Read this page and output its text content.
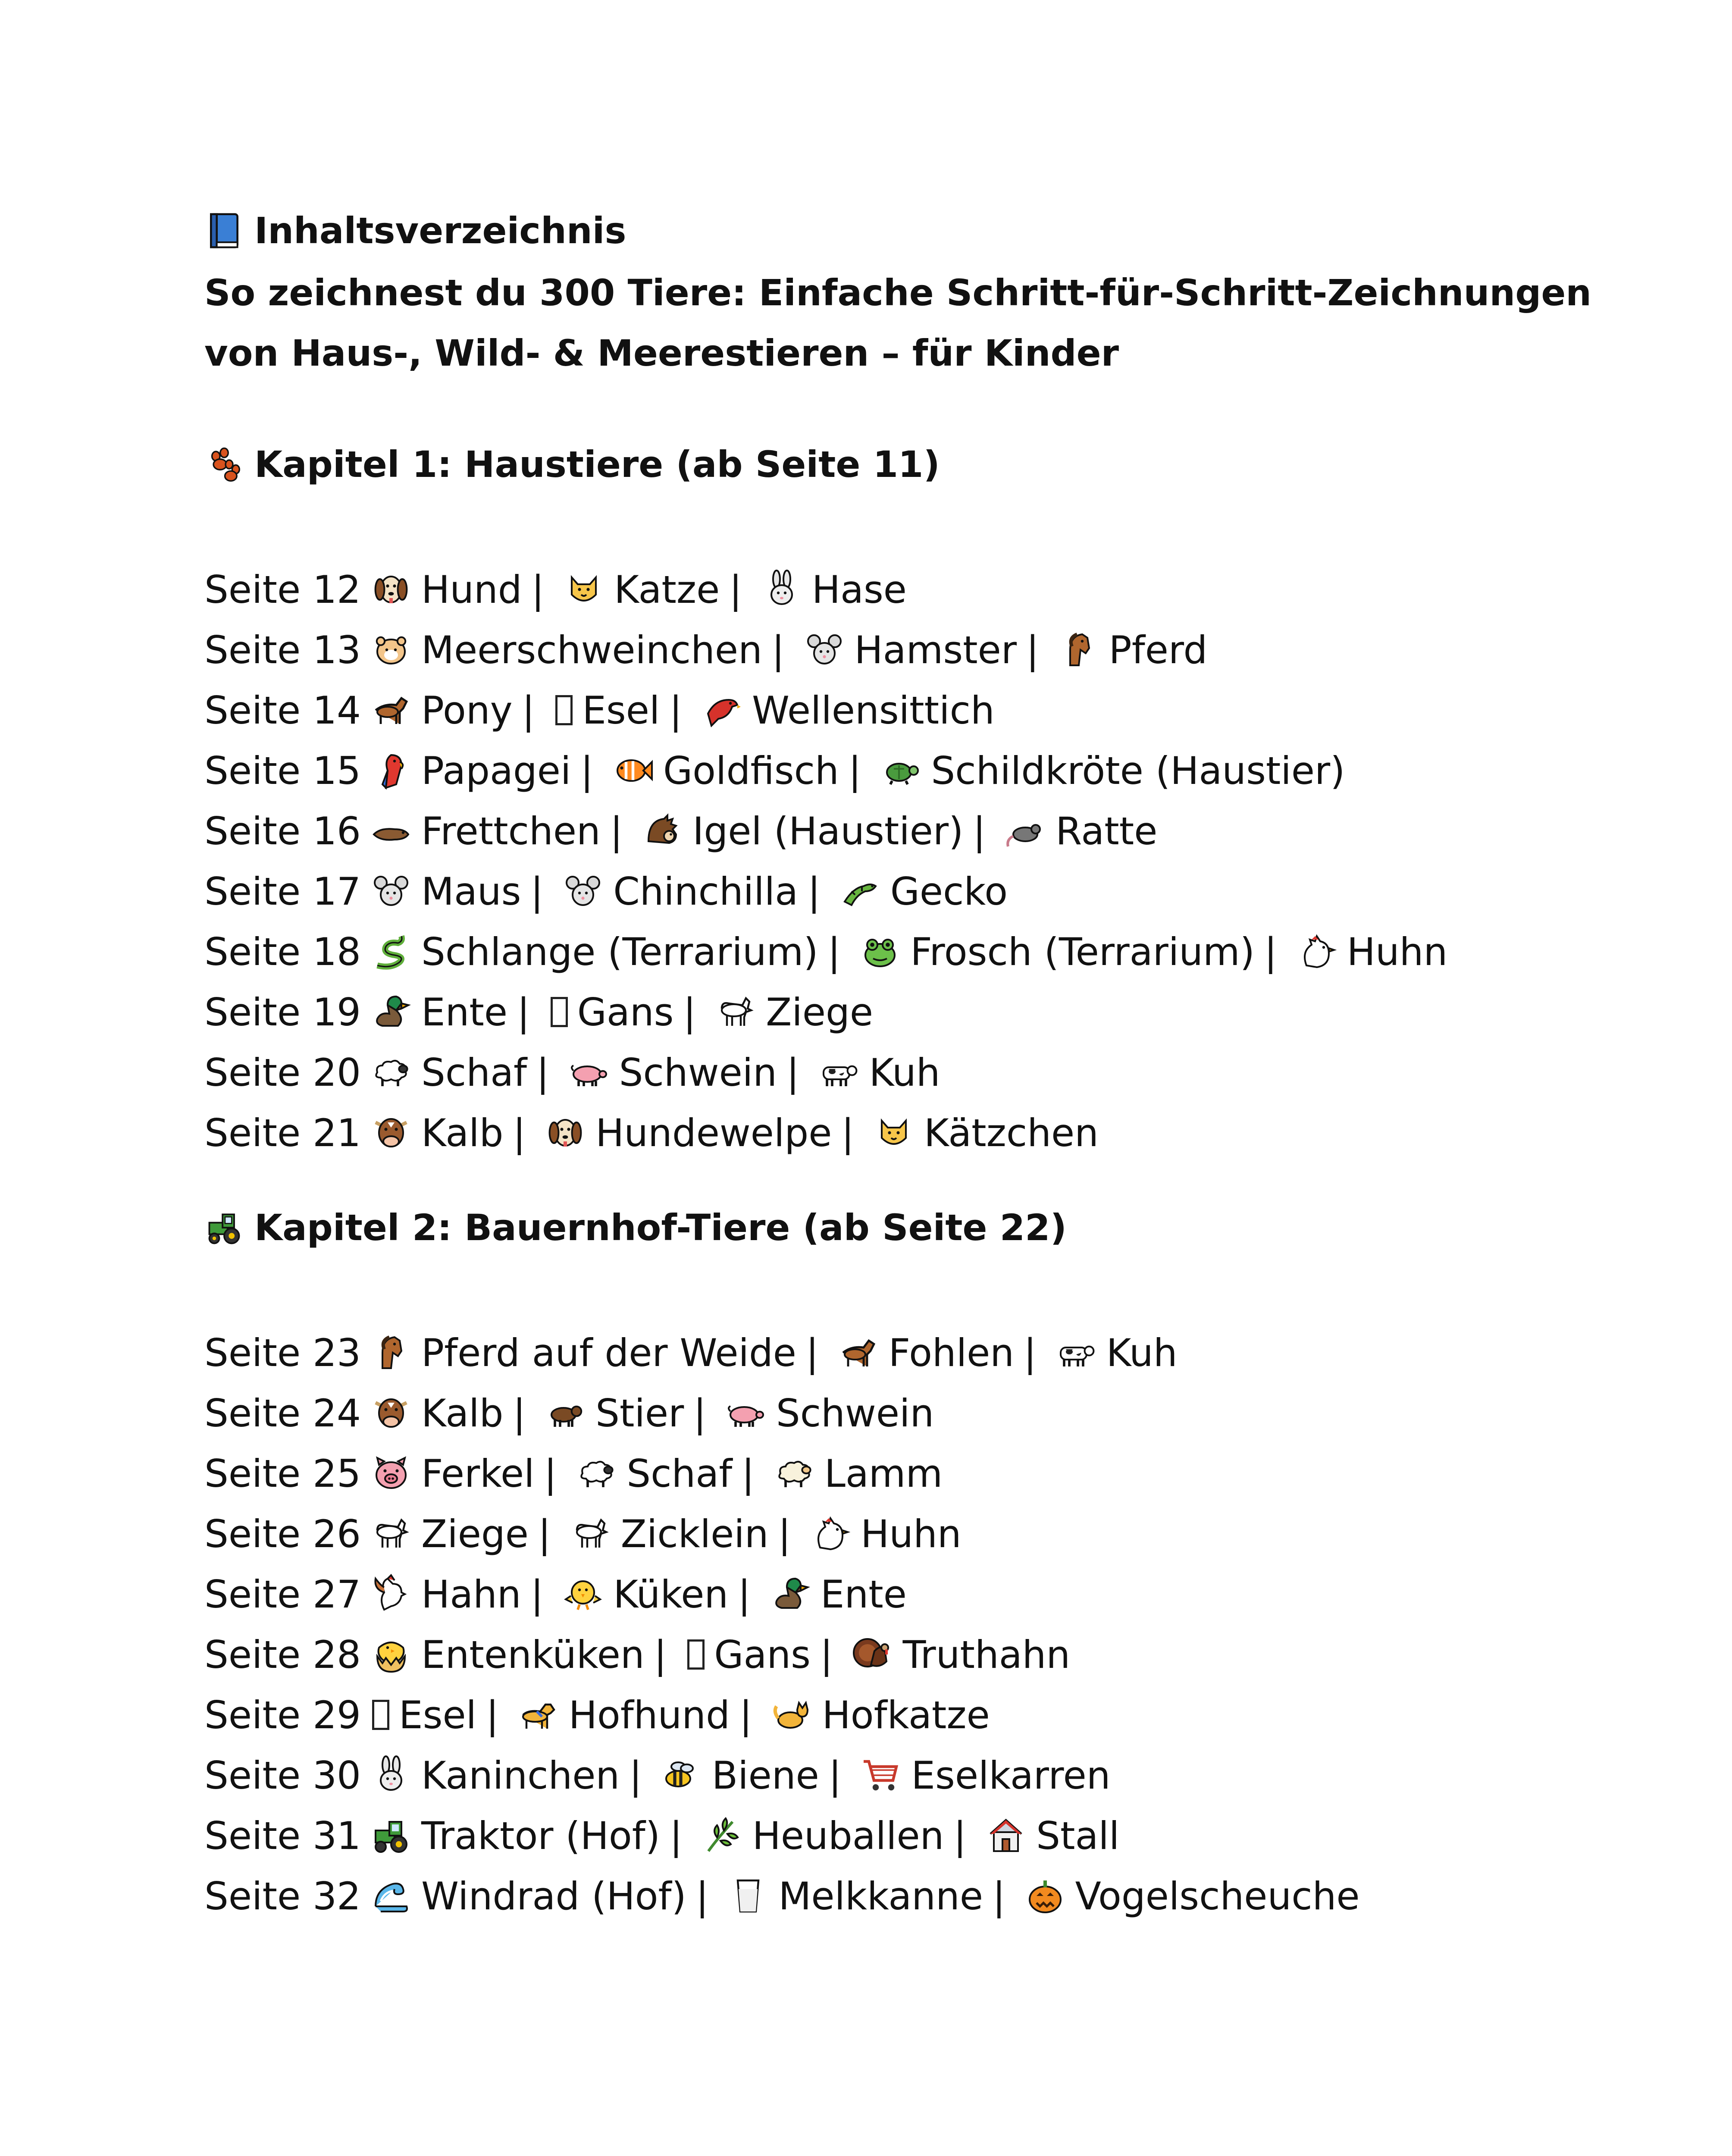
Inhaltsverzeichnis
So zeichnest du 300 Tiere: Einfache Schritt-für-Schritt-Zeichnungen
von Haus-, Wild- & Meerestieren – für Kinder
Kapitel 1: Haustiere (ab Seite 11)
Seite 12 Hund | Katze | Hase
Seite 13 Meerschweinchen | Hamster | Pferd
Seite 14 Pony | Esel | Wellensittich
Seite 15 Papagei | Goldfisch | Schildkröte (Haustier)
Seite 16 Frettchen | Igel (Haustier) | Ratte
Seite 17 Maus | Chinchilla | Gecko
Seite 18 Schlange (Terrarium) | Frosch (Terrarium) | Huhn
Seite 19 Ente | Gans | Ziege
Seite 20 Schaf | Schwein | Kuh
Seite 21 Kalb | Hundewelpe | Kätzchen
Kapitel 2: Bauernhof-Tiere (ab Seite 22)
Seite 23 Pferd auf der Weide | Fohlen | Kuh
Seite 24 Kalb | Stier | Schwein
Seite 25 Ferkel | Schaf | Lamm
Seite 26 Ziege | Zicklein | Huhn
Seite 27 Hahn | Küken | Ente
Seite 28 Entenküken | Gans | Truthahn
Seite 29 Esel | Hofhund | Hofkatze
Seite 30 Kaninchen | Biene | Eselkarren
Seite 31 Traktor (Hof) | Heuballen | Stall
Seite 32 Windrad (Hof) | Melkkanne | Vogelscheuche
